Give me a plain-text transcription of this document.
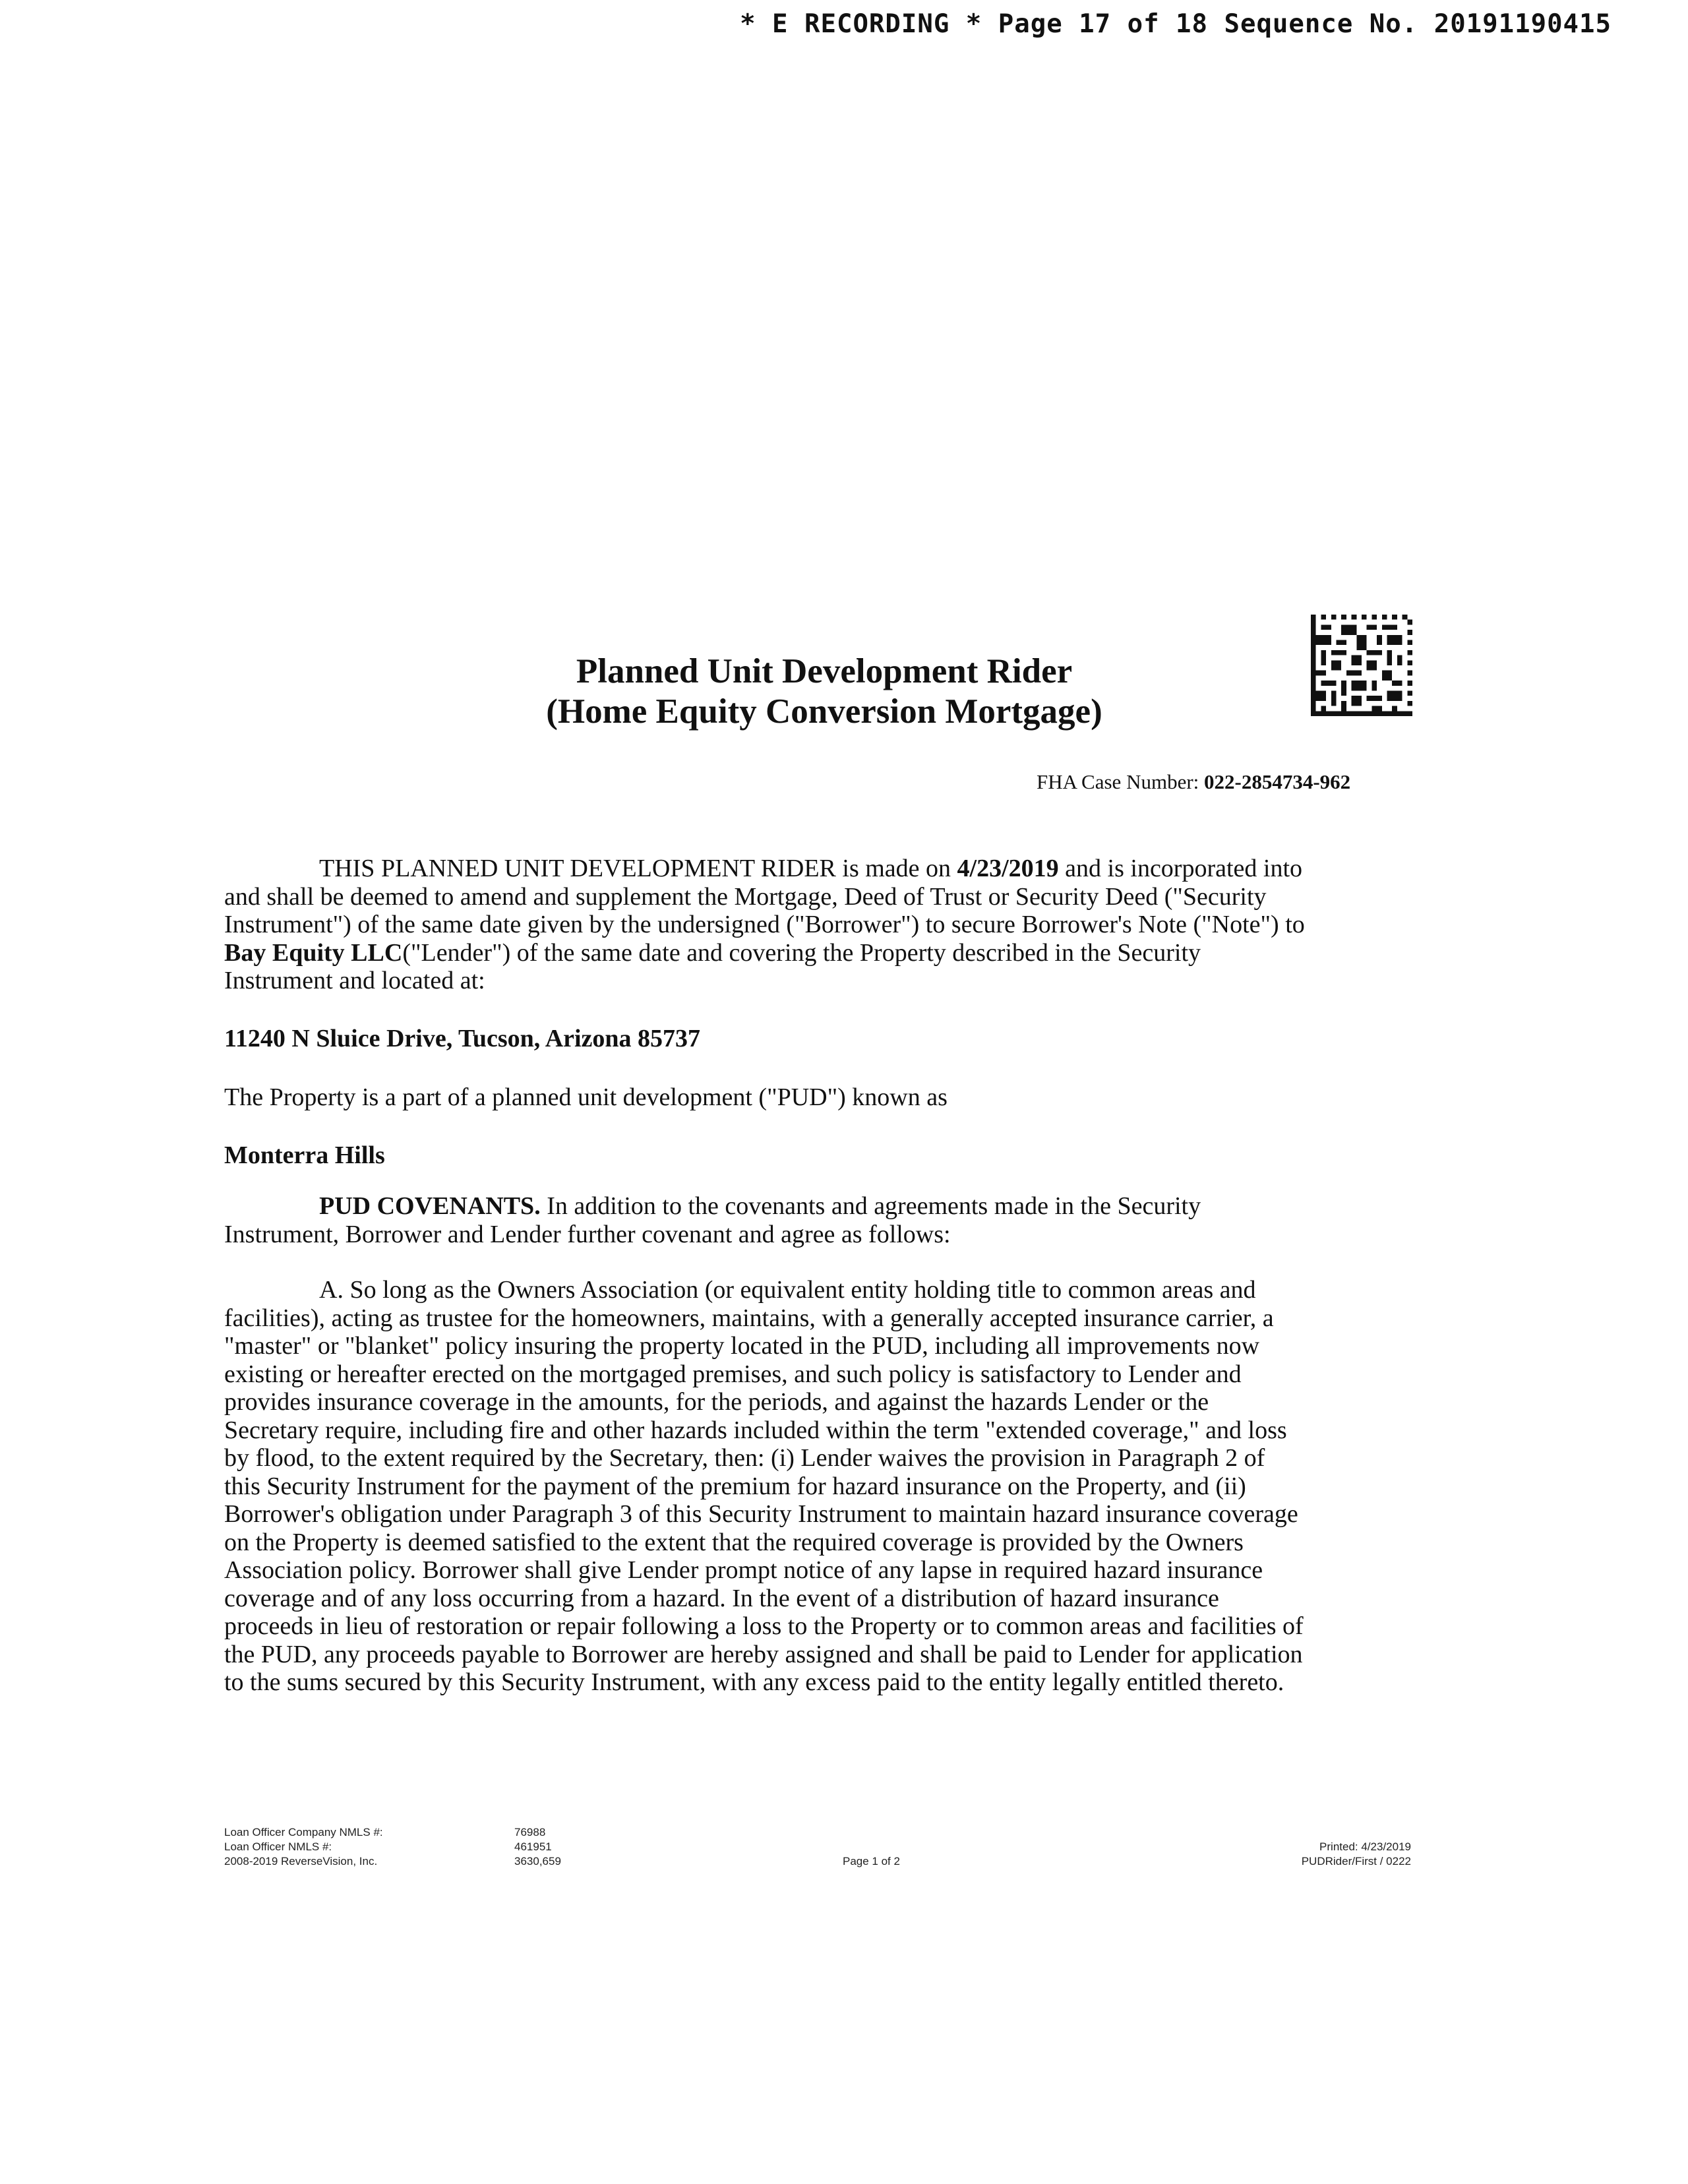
* E RECORDING * Page 17 of 18 Sequence No. 20191190415
Planned Unit Development Rider
(Home Equity Conversion Mortgage)
FHA Case Number: 022-2854734-962

THIS PLANNED UNIT DEVELOPMENT RIDER is made on 4/23/2019 and is incorporated into and shall be deemed to amend and supplement the Mortgage, Deed of Trust or Security Deed ("Security Instrument") of the same date given by the undersigned ("Borrower") to secure Borrower's Note ("Note") to Bay Equity LLC("Lender") of the same date and covering the Property described in the Security Instrument and located at:

11240 N Sluice Drive, Tucson, Arizona 85737
The Property is a part of a planned unit development ("PUD") known as
Monterra Hills

PUD COVENANTS. In addition to the covenants and agreements made in the Security Instrument, Borrower and Lender further covenant and agree as follows:

A. So long as the Owners Association (or equivalent entity holding title to common areas and facilities), acting as trustee for the homeowners, maintains, with a generally accepted insurance carrier, a "master" or "blanket" policy insuring the property located in the PUD, including all improvements now existing or hereafter erected on the mortgaged premises, and such policy is satisfactory to Lender and provides insurance coverage in the amounts, for the periods, and against the hazards Lender or the Secretary require, including fire and other hazards included within the term "extended coverage," and loss by flood, to the extent required by the Secretary, then: (i) Lender waives the provision in Paragraph 2 of this Security Instrument for the payment of the premium for hazard insurance on the Property, and (ii) Borrower's obligation under Paragraph 3 of this Security Instrument to maintain hazard insurance coverage on the Property is deemed satisfied to the extent that the required coverage is provided by the Owners Association policy. Borrower shall give Lender prompt notice of any lapse in required hazard insurance coverage and of any loss occurring from a hazard. In the event of a distribution of hazard insurance proceeds in lieu of restoration or repair following a loss to the Property or to common areas and facilities of the PUD, any proceeds payable to Borrower are hereby assigned and shall be paid to Lender for application to the sums secured by this Security Instrument, with any excess paid to the entity legally entitled thereto.

Loan Officer Company NMLS #:
Loan Officer NMLS #:
2008-2019 ReverseVision, Inc.
76988
461951
3630,659	Page 1 of 2
Printed: 4/23/2019
PUDRider/First / 0222
